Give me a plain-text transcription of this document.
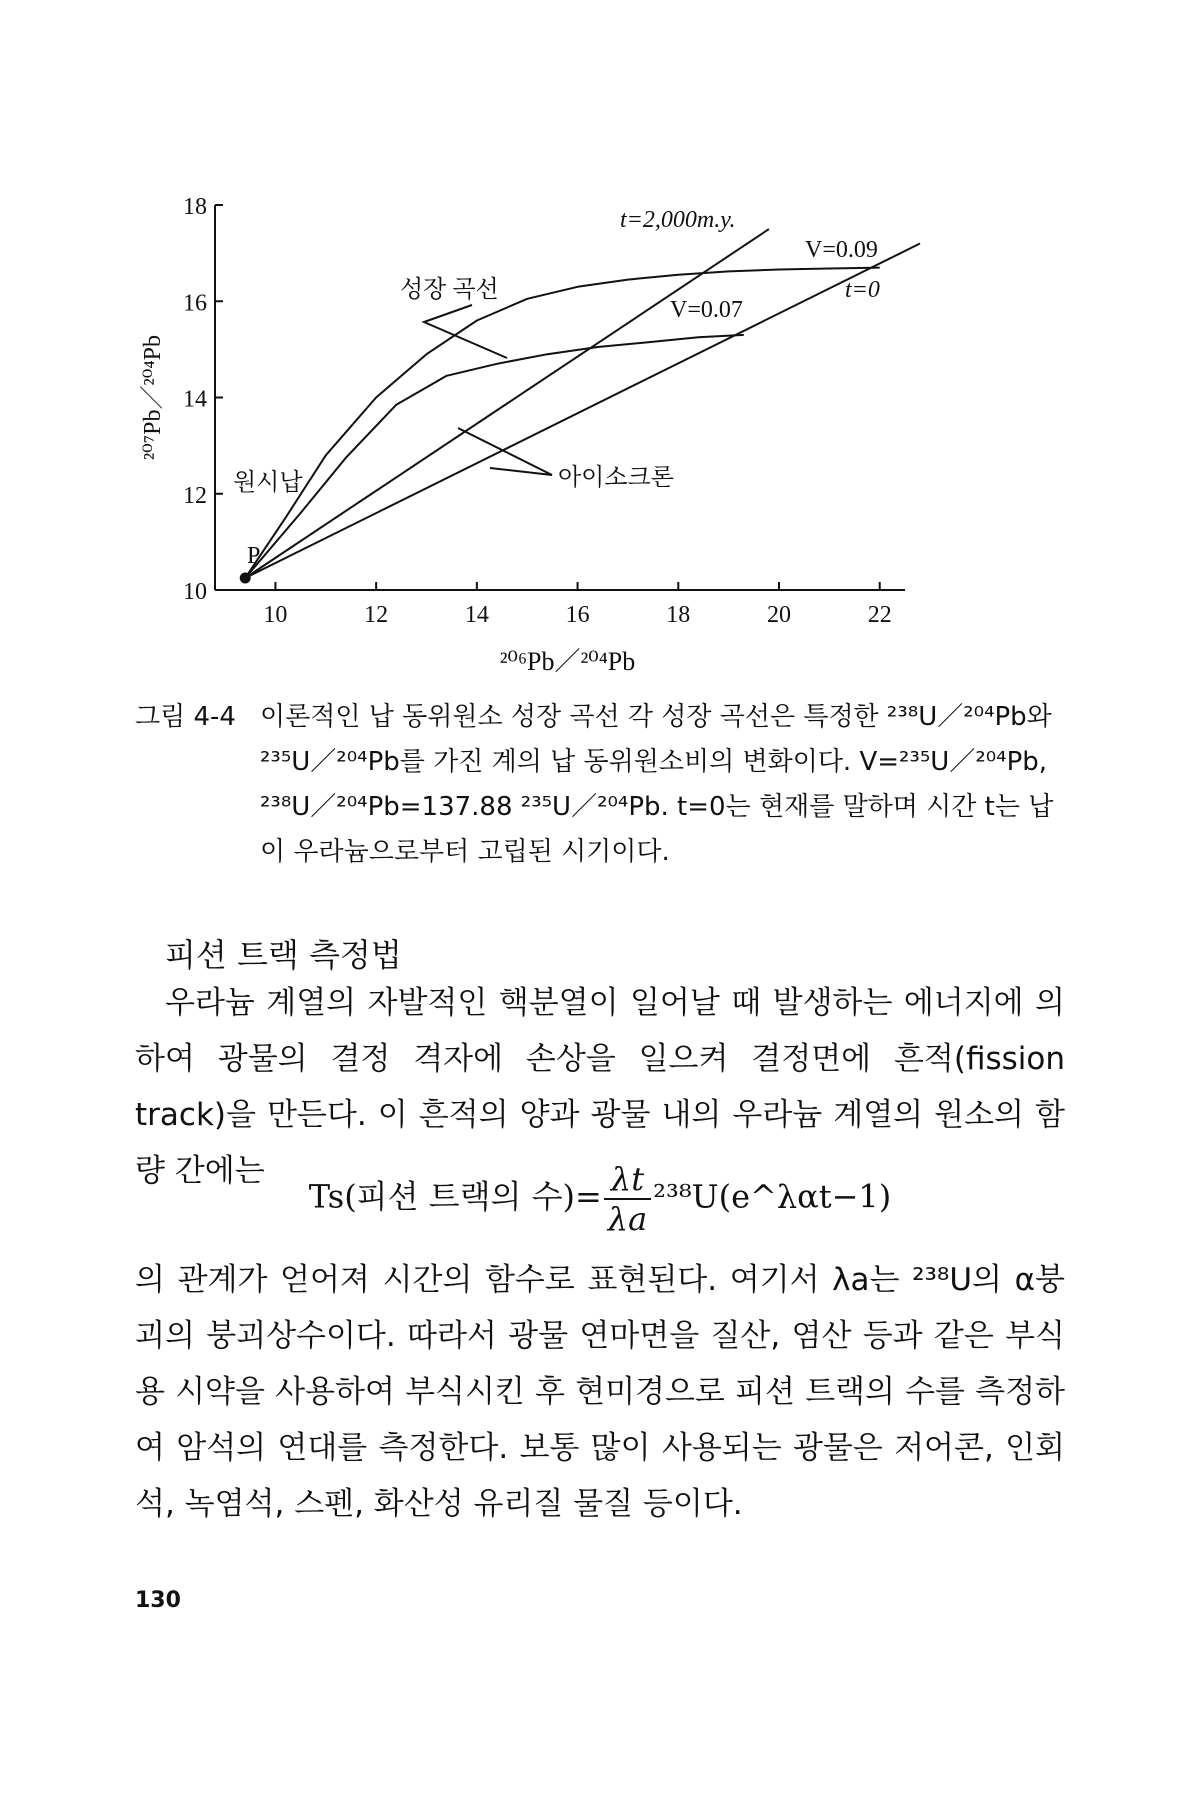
10	12	14	16	18	20	22
10
12
14
16
18
²⁰⁶Pb／²⁰⁴Pb
²⁰⁷Pb／²⁰⁴Pb
P
원시납
성장 곡선
아이소크론
t=2,000m.y.
V=0.09
V=0.07
t=0
그림 4-4 이론적인 납 동위원소 성장 곡선 각 성장 곡선은 특정한 ²³⁸U／²⁰⁴Pb와 ²³⁵U／²⁰⁴Pb를 가진 계의 납 동위원소비의 변화이다. V=²³⁵U／²⁰⁴Pb, ²³⁸U／²⁰⁴Pb=137.88 ²³⁵U／²⁰⁴Pb. t=0는 현재를 말하며 시간 t는 납이 우라늄으로부터 고립된 시기이다.
피션 트랙 측정법

우라늄 계열의 자발적인 핵분열이 일어날 때 발생하는 에너지에 의하여 광물의 결정 격자에 손상을 일으켜 결정면에 흔적(fission track)을 만든다. 이 흔적의 양과 광물 내의 우라늄 계열의 원소의 함량 간에는

Ts(피션 트랙의 수)= $\frac{\lambda t}{\lambda a}$ ²³⁸U(e^λαt−1)

의 관계가 얻어져 시간의 함수로 표현된다. 여기서 λa는 ²³⁸U의 α붕괴의 붕괴상수이다. 따라서 광물 연마면을 질산, 염산 등과 같은 부식용 시약을 사용하여 부식시킨 후 현미경으로 피션 트랙의 수를 측정하여 암석의 연대를 측정한다. 보통 많이 사용되는 광물은 저어콘, 인회석, 녹염석, 스펜, 화산성 유리질 물질 등이다.

130
